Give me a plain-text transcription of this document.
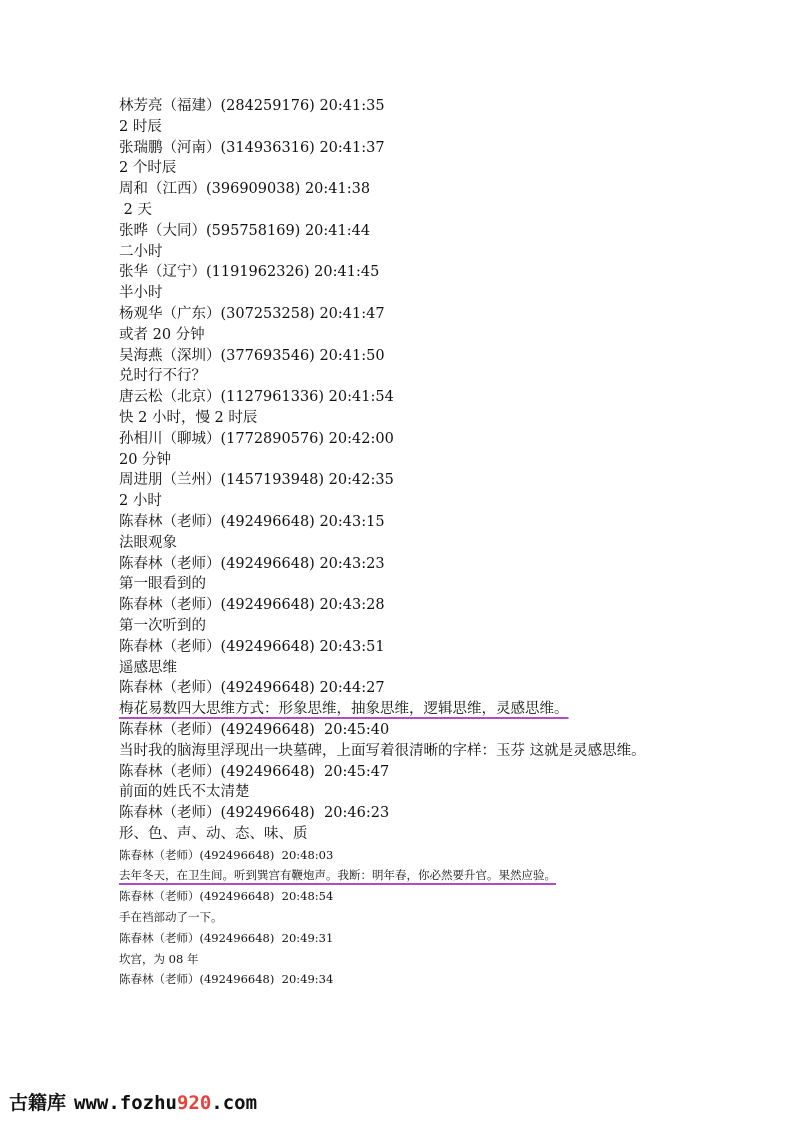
林芳亮（福建）(284259176) 20:41:35
2 时辰
张瑞鹏（河南）(314936316) 20:41:37
2 个时辰
周和（江西）(396909038) 20:41:38
2 天
张晔（大同）(595758169) 20:41:44
二小时
张华（辽宁）(1191962326) 20:41:45
半小时
杨观华（广东）(307253258) 20:41:47
或者 20 分钟
吴海燕（深圳）(377693546) 20:41:50
兑时行不行？
唐云松（北京）(1127961336) 20:41:54
快 2 小时，慢 2 时辰
孙相川（聊城）(1772890576) 20:42:00
20 分钟
周进朋（兰州）(1457193948) 20:42:35
2 小时
陈春林（老师）(492496648) 20:43:15
法眼观象
陈春林（老师）(492496648) 20:43:23
第一眼看到的
陈春林（老师）(492496648) 20:43:28
第一次听到的
陈春林（老师）(492496648) 20:43:51
遥感思维
陈春林（老师）(492496648) 20:44:27
梅花易数四大思维方式：形象思维，抽象思维，逻辑思维，灵感思维。
陈春林（老师）(492496648)  20:45:40
当时我的脑海里浮现出一块墓碑，上面写着很清晰的字样：玉芬 这就是灵感思维。
陈春林（老师）(492496648)  20:45:47
前面的姓氏不太清楚
陈春林（老师）(492496648)  20:46:23
形、色、声、动、态、味、质
陈春林（老师）(492496648)  20:48:03
去年冬天，在卫生间。听到巽宫有鞭炮声。我断：明年春，你必然要升官。果然应验。
陈春林（老师）(492496648)  20:48:54
手在裆部动了一下。
陈春林（老师）(492496648)  20:49:31
坎宫，为 08 年
陈春林（老师）(492496648)  20:49:34
古籍库 www.fozhu920.com
